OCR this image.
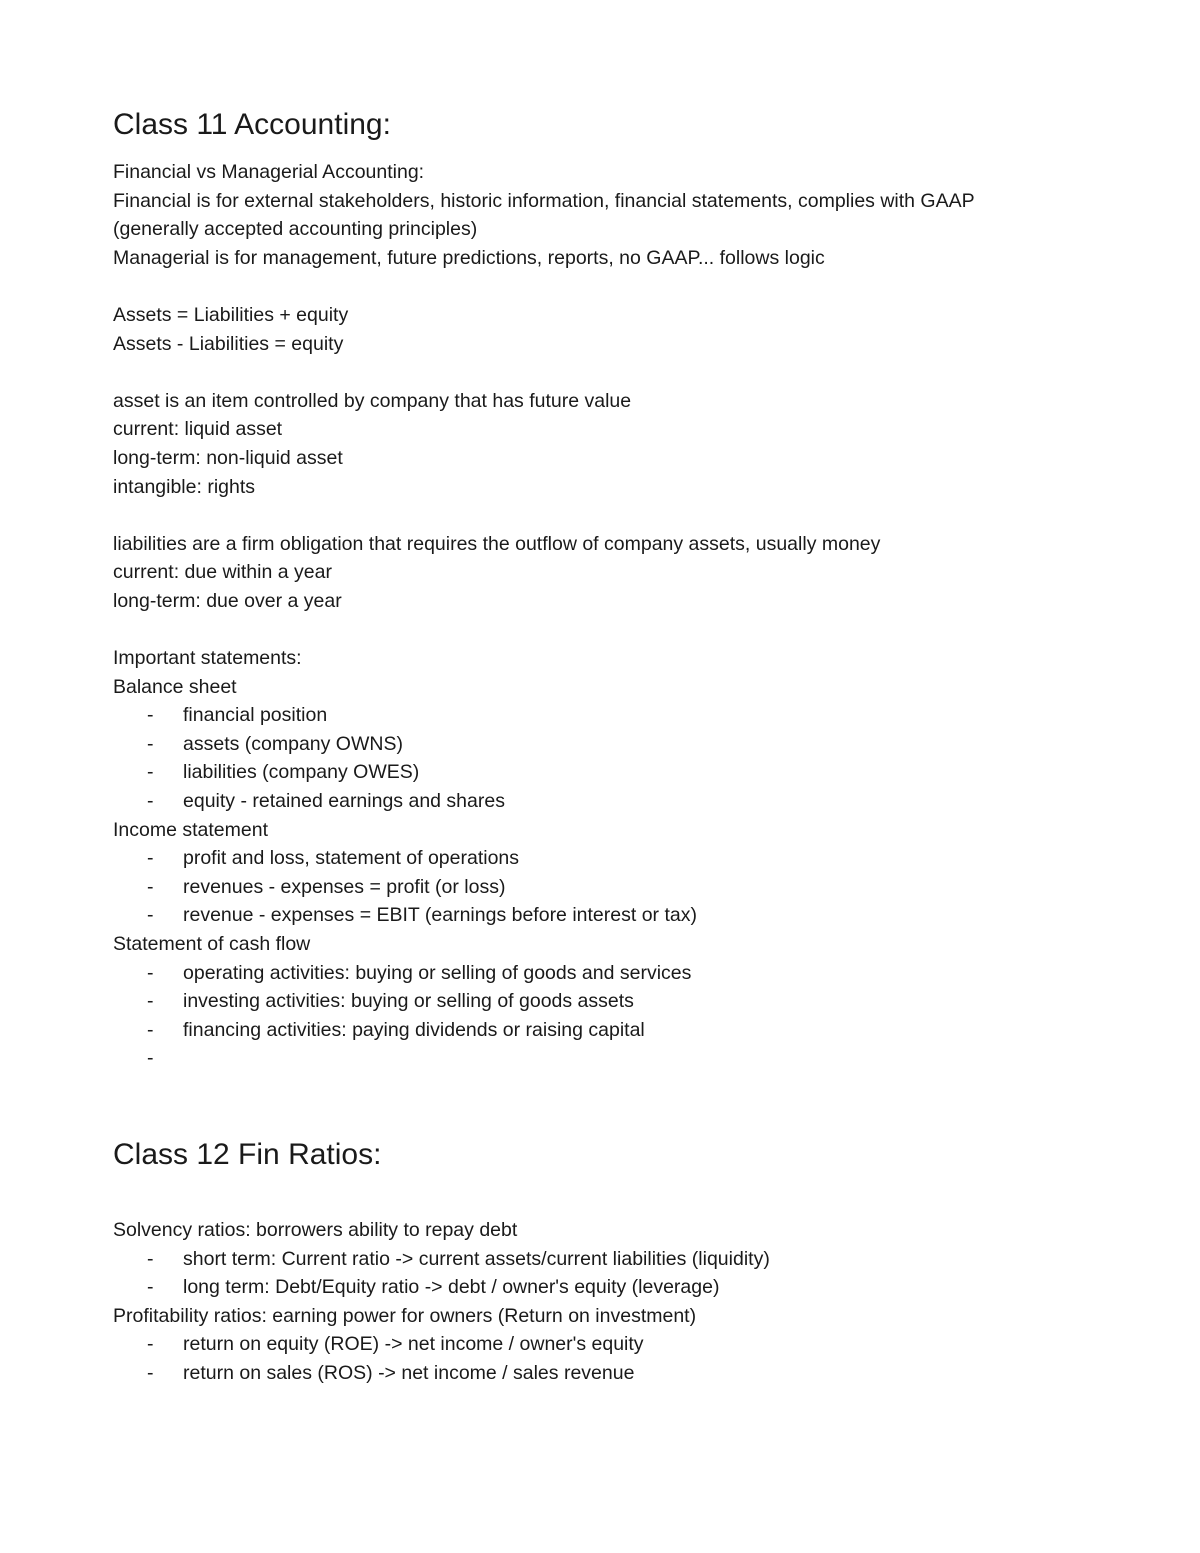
Class 11 Accounting:
Financial vs Managerial Accounting:
Financial is for external stakeholders, historic information, financial statements, complies with GAAP
(generally accepted accounting principles)
Managerial is for management, future predictions, reports, no GAAP... follows logic
Assets = Liabilities + equity
Assets - Liabilities = equity
asset is an item controlled by company that has future value
current: liquid asset
long-term: non-liquid asset
intangible: rights
liabilities are a firm obligation that requires the outflow of company assets, usually money
current: due within a year
long-term: due over a year
Important statements:
Balance sheet
- financial position
- assets (company OWNS)
- liabilities (company OWES)
- equity - retained earnings and shares
Income statement
- profit and loss, statement of operations
- revenues - expenses = profit (or loss)
- revenue - expenses = EBIT (earnings before interest or tax)
Statement of cash flow
- operating activities: buying or selling of goods and services
- investing activities: buying or selling of goods assets
- financing activities: paying dividends or raising capital
-
Class 12 Fin Ratios:
Solvency ratios: borrowers ability to repay debt
- short term: Current ratio -> current assets/current liabilities (liquidity)
- long term: Debt/Equity ratio -> debt / owner's equity (leverage)
Profitability ratios: earning power for owners (Return on investment)
- return on equity (ROE) -> net income / owner's equity
- return on sales (ROS) -> net income / sales revenue
